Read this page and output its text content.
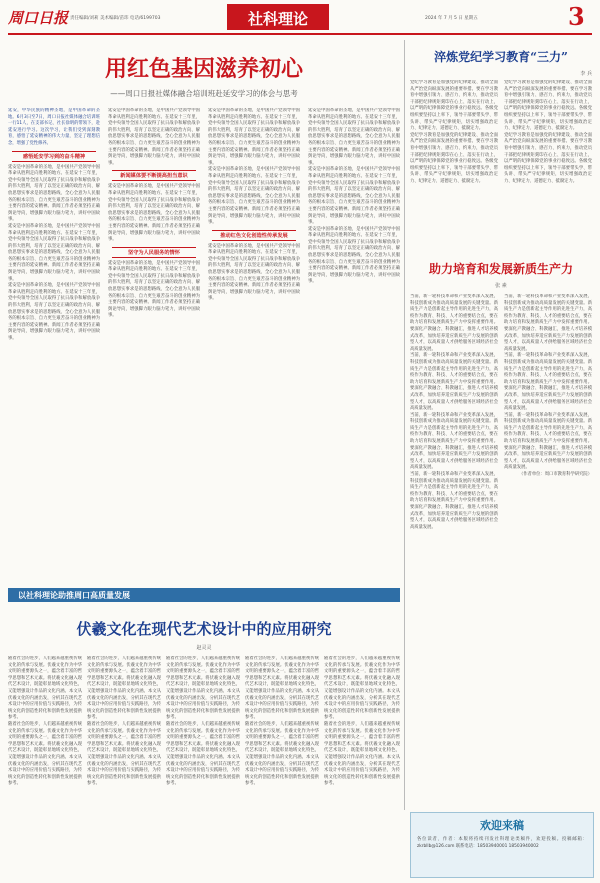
周口日报 责任编辑/刘莉 美术编辑/苗玮 电话/6199703	社科理论	2024 年 7 月 5 日 星期五	3
用红色基因滋养初心
——周口日报社媒体融合培训班赴延安学习的体会与思考
延安，中华民族的精神圣地，是中国革命的圣地。6月3日至7日，周口日报社媒体融合培训班一行11人，在支部书记、社长徐明的带领下，赴延安进行学习。这次学习，让我们受到深刻教育，感悟了延安精神的伟大力量，坚定了理想信念，增强了党性修养。
感悟延安学习到的奋斗精神
延安是中国革命的圣地，是中国共产党领导中国革命从胜利走向胜利的地方。在延安十三年里，党中央领导全国人民取得了抗日战争和解放战争的伟大胜利，培育了以坚定正确的政治方向、解放思想实事求是的思想路线、全心全意为人民服务的根本宗旨、自力更生艰苦奋斗的创业精神为主要内容的延安精神。新闻工作者必须坚持正确舆论导向，增强脚力眼力脑力笔力，讲好中国故事。
延安是中国革命的圣地，是中国共产党领导中国革命从胜利走向胜利的地方。在延安十三年里，党中央领导全国人民取得了抗日战争和解放战争的伟大胜利，培育了以坚定正确的政治方向、解放思想实事求是的思想路线、全心全意为人民服务的根本宗旨、自力更生艰苦奋斗的创业精神为主要内容的延安精神。新闻工作者必须坚持正确舆论导向，增强脚力眼力脑力笔力，讲好中国故事。
延安是中国革命的圣地，是中国共产党领导中国革命从胜利走向胜利的地方。在延安十三年里，党中央领导全国人民取得了抗日战争和解放战争的伟大胜利，培育了以坚定正确的政治方向、解放思想实事求是的思想路线、全心全意为人民服务的根本宗旨、自力更生艰苦奋斗的创业精神为主要内容的延安精神。新闻工作者必须坚持正确舆论导向，增强脚力眼力脑力笔力，讲好中国故事。
延安是中国革命的圣地，是中国共产党领导中国革命从胜利走向胜利的地方。在延安十三年里，党中央领导全国人民取得了抗日战争和解放战争的伟大胜利，培育了以坚定正确的政治方向、解放思想实事求是的思想路线、全心全意为人民服务的根本宗旨、自力更生艰苦奋斗的创业精神为主要内容的延安精神。新闻工作者必须坚持正确舆论导向，增强脚力眼力脑力笔力，讲好中国故事。
新闻媒体要不断提高担当意识
延安是中国革命的圣地，是中国共产党领导中国革命从胜利走向胜利的地方。在延安十三年里，党中央领导全国人民取得了抗日战争和解放战争的伟大胜利，培育了以坚定正确的政治方向、解放思想实事求是的思想路线、全心全意为人民服务的根本宗旨、自力更生艰苦奋斗的创业精神为主要内容的延安精神。新闻工作者必须坚持正确舆论导向，增强脚力眼力脑力笔力，讲好中国故事。
坚守为人民服务的情怀
延安是中国革命的圣地，是中国共产党领导中国革命从胜利走向胜利的地方。在延安十三年里，党中央领导全国人民取得了抗日战争和解放战争的伟大胜利，培育了以坚定正确的政治方向、解放思想实事求是的思想路线、全心全意为人民服务的根本宗旨、自力更生艰苦奋斗的创业精神为主要内容的延安精神。新闻工作者必须坚持正确舆论导向，增强脚力眼力脑力笔力，讲好中国故事。
延安是中国革命的圣地，是中国共产党领导中国革命从胜利走向胜利的地方。在延安十三年里，党中央领导全国人民取得了抗日战争和解放战争的伟大胜利，培育了以坚定正确的政治方向、解放思想实事求是的思想路线、全心全意为人民服务的根本宗旨、自力更生艰苦奋斗的创业精神为主要内容的延安精神。新闻工作者必须坚持正确舆论导向，增强脚力眼力脑力笔力，讲好中国故事。
延安是中国革命的圣地，是中国共产党领导中国革命从胜利走向胜利的地方。在延安十三年里，党中央领导全国人民取得了抗日战争和解放战争的伟大胜利，培育了以坚定正确的政治方向、解放思想实事求是的思想路线、全心全意为人民服务的根本宗旨、自力更生艰苦奋斗的创业精神为主要内容的延安精神。新闻工作者必须坚持正确舆论导向，增强脚力眼力脑力笔力，讲好中国故事。
推动红色文化创造性传承发展
延安是中国革命的圣地，是中国共产党领导中国革命从胜利走向胜利的地方。在延安十三年里，党中央领导全国人民取得了抗日战争和解放战争的伟大胜利，培育了以坚定正确的政治方向、解放思想实事求是的思想路线、全心全意为人民服务的根本宗旨、自力更生艰苦奋斗的创业精神为主要内容的延安精神。新闻工作者必须坚持正确舆论导向，增强脚力眼力脑力笔力，讲好中国故事。
延安是中国革命的圣地，是中国共产党领导中国革命从胜利走向胜利的地方。在延安十三年里，党中央领导全国人民取得了抗日战争和解放战争的伟大胜利，培育了以坚定正确的政治方向、解放思想实事求是的思想路线、全心全意为人民服务的根本宗旨、自力更生艰苦奋斗的创业精神为主要内容的延安精神。新闻工作者必须坚持正确舆论导向，增强脚力眼力脑力笔力，讲好中国故事。
延安是中国革命的圣地，是中国共产党领导中国革命从胜利走向胜利的地方。在延安十三年里，党中央领导全国人民取得了抗日战争和解放战争的伟大胜利，培育了以坚定正确的政治方向、解放思想实事求是的思想路线、全心全意为人民服务的根本宗旨、自力更生艰苦奋斗的创业精神为主要内容的延安精神。新闻工作者必须坚持正确舆论导向，增强脚力眼力脑力笔力，讲好中国故事。
延安是中国革命的圣地，是中国共产党领导中国革命从胜利走向胜利的地方。在延安十三年里，党中央领导全国人民取得了抗日战争和解放战争的伟大胜利，培育了以坚定正确的政治方向、解放思想实事求是的思想路线、全心全意为人民服务的根本宗旨、自力更生艰苦奋斗的创业精神为主要内容的延安精神。新闻工作者必须坚持正确舆论导向，增强脚力眼力脑力笔力，讲好中国故事。
淬炼党纪学习教育“三力”
李 兵
党纪学习教育是加强党的纪律建设、推动全面从严治党向纵深发展的重要举措。要在学习教育中增强引领力、感召力、约束力，推动党员干部把纪律规矩刻印在心上、落实在行动上，以严明的纪律保障党的事业行稳致远。各级党组织要坚持以上率下，领导干部要带头学、带头讲、带头严守纪律规矩，切实增强政治定力、纪律定力、道德定力、抵腐定力。
党纪学习教育是加强党的纪律建设、推动全面从严治党向纵深发展的重要举措。要在学习教育中增强引领力、感召力、约束力，推动党员干部把纪律规矩刻印在心上、落实在行动上，以严明的纪律保障党的事业行稳致远。各级党组织要坚持以上率下，领导干部要带头学、带头讲、带头严守纪律规矩，切实增强政治定力、纪律定力、道德定力、抵腐定力。
党纪学习教育是加强党的纪律建设、推动全面从严治党向纵深发展的重要举措。要在学习教育中增强引领力、感召力、约束力，推动党员干部把纪律规矩刻印在心上、落实在行动上，以严明的纪律保障党的事业行稳致远。各级党组织要坚持以上率下，领导干部要带头学、带头讲、带头严守纪律规矩，切实增强政治定力、纪律定力、道德定力、抵腐定力。
党纪学习教育是加强党的纪律建设、推动全面从严治党向纵深发展的重要举措。要在学习教育中增强引领力、感召力、约束力，推动党员干部把纪律规矩刻印在心上、落实在行动上，以严明的纪律保障党的事业行稳致远。各级党组织要坚持以上率下，领导干部要带头学、带头讲、带头严守纪律规矩，切实增强政治定力、纪律定力、道德定力、抵腐定力。
助力培育和发展新质生产力
张 素
当前，新一轮科技革命和产业变革深入发展，科技创新成为推动高质量发展的关键变量。新质生产力是创新起主导作用的先进生产力，高校作为教育、科技、人才的重要结合点，要在助力培育和发展新质生产力中发挥重要作用。要深化产教融合、科教融汇，推进人才培养模式改革，加快培养适应新质生产力发展的创新型人才，以高质量人才供给服务区域经济社会高质量发展。
当前，新一轮科技革命和产业变革深入发展，科技创新成为推动高质量发展的关键变量。新质生产力是创新起主导作用的先进生产力，高校作为教育、科技、人才的重要结合点，要在助力培育和发展新质生产力中发挥重要作用。要深化产教融合、科教融汇，推进人才培养模式改革，加快培养适应新质生产力发展的创新型人才，以高质量人才供给服务区域经济社会高质量发展。
当前，新一轮科技革命和产业变革深入发展，科技创新成为推动高质量发展的关键变量。新质生产力是创新起主导作用的先进生产力，高校作为教育、科技、人才的重要结合点，要在助力培育和发展新质生产力中发挥重要作用。要深化产教融合、科教融汇，推进人才培养模式改革，加快培养适应新质生产力发展的创新型人才，以高质量人才供给服务区域经济社会高质量发展。
当前，新一轮科技革命和产业变革深入发展，科技创新成为推动高质量发展的关键变量。新质生产力是创新起主导作用的先进生产力，高校作为教育、科技、人才的重要结合点，要在助力培育和发展新质生产力中发挥重要作用。要深化产教融合、科教融汇，推进人才培养模式改革，加快培养适应新质生产力发展的创新型人才，以高质量人才供给服务区域经济社会高质量发展。
当前，新一轮科技革命和产业变革深入发展，科技创新成为推动高质量发展的关键变量。新质生产力是创新起主导作用的先进生产力，高校作为教育、科技、人才的重要结合点，要在助力培育和发展新质生产力中发挥重要作用。要深化产教融合、科教融汇，推进人才培养模式改革，加快培养适应新质生产力发展的创新型人才，以高质量人才供给服务区域经济社会高质量发展。
当前，新一轮科技革命和产业变革深入发展，科技创新成为推动高质量发展的关键变量。新质生产力是创新起主导作用的先进生产力，高校作为教育、科技、人才的重要结合点，要在助力培育和发展新质生产力中发挥重要作用。要深化产教融合、科教融汇，推进人才培养模式改革，加快培养适应新质生产力发展的创新型人才，以高质量人才供给服务区域经济社会高质量发展。
当前，新一轮科技革命和产业变革深入发展，科技创新成为推动高质量发展的关键变量。新质生产力是创新起主导作用的先进生产力，高校作为教育、科技、人才的重要结合点，要在助力培育和发展新质生产力中发挥重要作用。要深化产教融合、科教融汇，推进人才培养模式改革，加快培养适应新质生产力发展的创新型人才，以高质量人才供给服务区域经济社会高质量发展。
（作者单位：周口市教育科学研究院）
以社科理论助推周口高质量发展
伏羲文化在现代艺术设计中的应用研究
赵灵灵
随着社会的进步，人们越来越重视传统文化的传承与发展。伏羲文化作为中华文明的重要源头之一，蕴含着丰富的哲学思想和艺术元素。将伏羲文化融入现代艺术设计，既能彰显地域文化特色，又能增强设计作品的文化内涵。本文从伏羲文化的内涵出发，分析其在现代艺术设计中的应用价值与实践路径，为传统文化的创造性转化和创新性发展提供参考。
随着社会的进步，人们越来越重视传统文化的传承与发展。伏羲文化作为中华文明的重要源头之一，蕴含着丰富的哲学思想和艺术元素。将伏羲文化融入现代艺术设计，既能彰显地域文化特色，又能增强设计作品的文化内涵。本文从伏羲文化的内涵出发，分析其在现代艺术设计中的应用价值与实践路径，为传统文化的创造性转化和创新性发展提供参考。
随着社会的进步，人们越来越重视传统文化的传承与发展。伏羲文化作为中华文明的重要源头之一，蕴含着丰富的哲学思想和艺术元素。将伏羲文化融入现代艺术设计，既能彰显地域文化特色，又能增强设计作品的文化内涵。本文从伏羲文化的内涵出发，分析其在现代艺术设计中的应用价值与实践路径，为传统文化的创造性转化和创新性发展提供参考。
随着社会的进步，人们越来越重视传统文化的传承与发展。伏羲文化作为中华文明的重要源头之一，蕴含着丰富的哲学思想和艺术元素。将伏羲文化融入现代艺术设计，既能彰显地域文化特色，又能增强设计作品的文化内涵。本文从伏羲文化的内涵出发，分析其在现代艺术设计中的应用价值与实践路径，为传统文化的创造性转化和创新性发展提供参考。
随着社会的进步，人们越来越重视传统文化的传承与发展。伏羲文化作为中华文明的重要源头之一，蕴含着丰富的哲学思想和艺术元素。将伏羲文化融入现代艺术设计，既能彰显地域文化特色，又能增强设计作品的文化内涵。本文从伏羲文化的内涵出发，分析其在现代艺术设计中的应用价值与实践路径，为传统文化的创造性转化和创新性发展提供参考。
随着社会的进步，人们越来越重视传统文化的传承与发展。伏羲文化作为中华文明的重要源头之一，蕴含着丰富的哲学思想和艺术元素。将伏羲文化融入现代艺术设计，既能彰显地域文化特色，又能增强设计作品的文化内涵。本文从伏羲文化的内涵出发，分析其在现代艺术设计中的应用价值与实践路径，为传统文化的创造性转化和创新性发展提供参考。
随着社会的进步，人们越来越重视传统文化的传承与发展。伏羲文化作为中华文明的重要源头之一，蕴含着丰富的哲学思想和艺术元素。将伏羲文化融入现代艺术设计，既能彰显地域文化特色，又能增强设计作品的文化内涵。本文从伏羲文化的内涵出发，分析其在现代艺术设计中的应用价值与实践路径，为传统文化的创造性转化和创新性发展提供参考。
随着社会的进步，人们越来越重视传统文化的传承与发展。伏羲文化作为中华文明的重要源头之一，蕴含着丰富的哲学思想和艺术元素。将伏羲文化融入现代艺术设计，既能彰显地域文化特色，又能增强设计作品的文化内涵。本文从伏羲文化的内涵出发，分析其在现代艺术设计中的应用价值与实践路径，为传统文化的创造性转化和创新性发展提供参考。
随着社会的进步，人们越来越重视传统文化的传承与发展。伏羲文化作为中华文明的重要源头之一，蕴含着丰富的哲学思想和艺术元素。将伏羲文化融入现代艺术设计，既能彰显地域文化特色，又能增强设计作品的文化内涵。本文从伏羲文化的内涵出发，分析其在现代艺术设计中的应用价值与实践路径，为传统文化的创造性转化和创新性发展提供参考。
随着社会的进步，人们越来越重视传统文化的传承与发展。伏羲文化作为中华文明的重要源头之一，蕴含着丰富的哲学思想和艺术元素。将伏羲文化融入现代艺术设计，既能彰显地域文化特色，又能增强设计作品的文化内涵。本文从伏羲文化的内涵出发，分析其在现代艺术设计中的应用价值与实践路径，为传统文化的创造性转化和创新性发展提供参考。
欢迎来稿
各位读者、作者：本版将持续刊发社科理论类稿件，欢迎投稿。投稿邮箱：zkrbllb@126.com 联系电话：18503940001 18503940002
